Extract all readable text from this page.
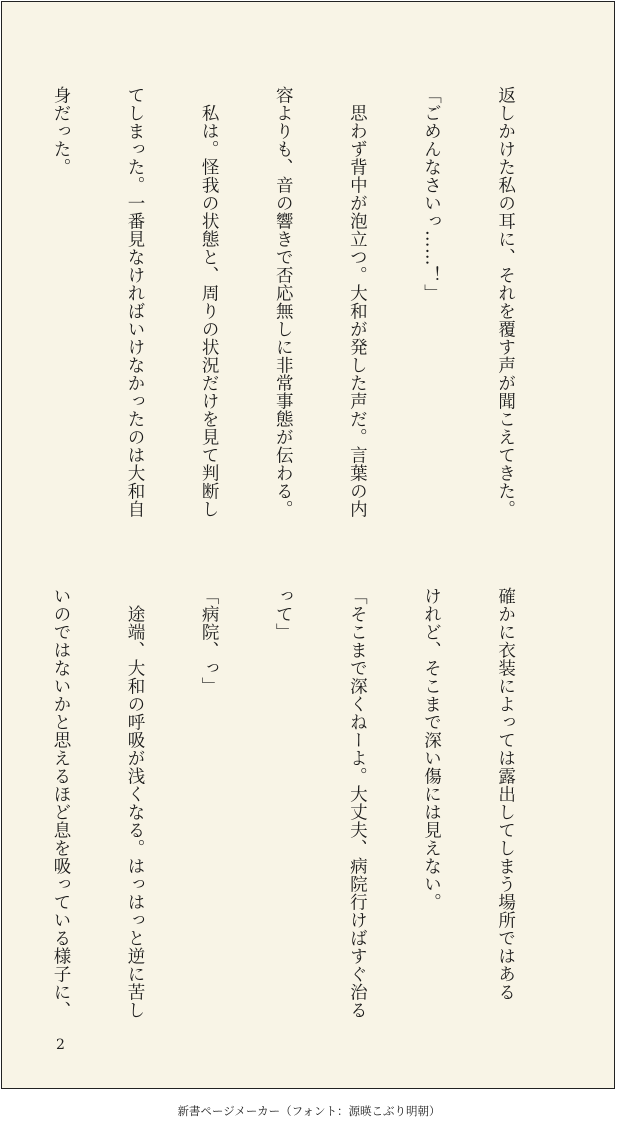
返しかけた私の耳に、それを覆す声が聞こえてきた。

「ごめんなさいっ……！」

　思わず背中が泡立つ。大和が発した声だ。言葉の内

容よりも、音の響きで否応無しに非常事態が伝わる。

　私は。怪我の状態と、周りの状況だけを見て判断し

てしまった。一番見なければいけなかったのは大和自

身だった。

確かに衣装によっては露出してしまう場所ではある

けれど、そこまで深い傷には見えない。

「そこまで深くねーよ。大丈夫、病院行けばすぐ治る

って」

「病院、っ」

　途端、大和の呼吸が浅くなる。はっはっと逆に苦し

いのではないかと思えるほど息を吸っている様子に、

2
新書ページメーカー（フォント：源暎こぶり明朝）
